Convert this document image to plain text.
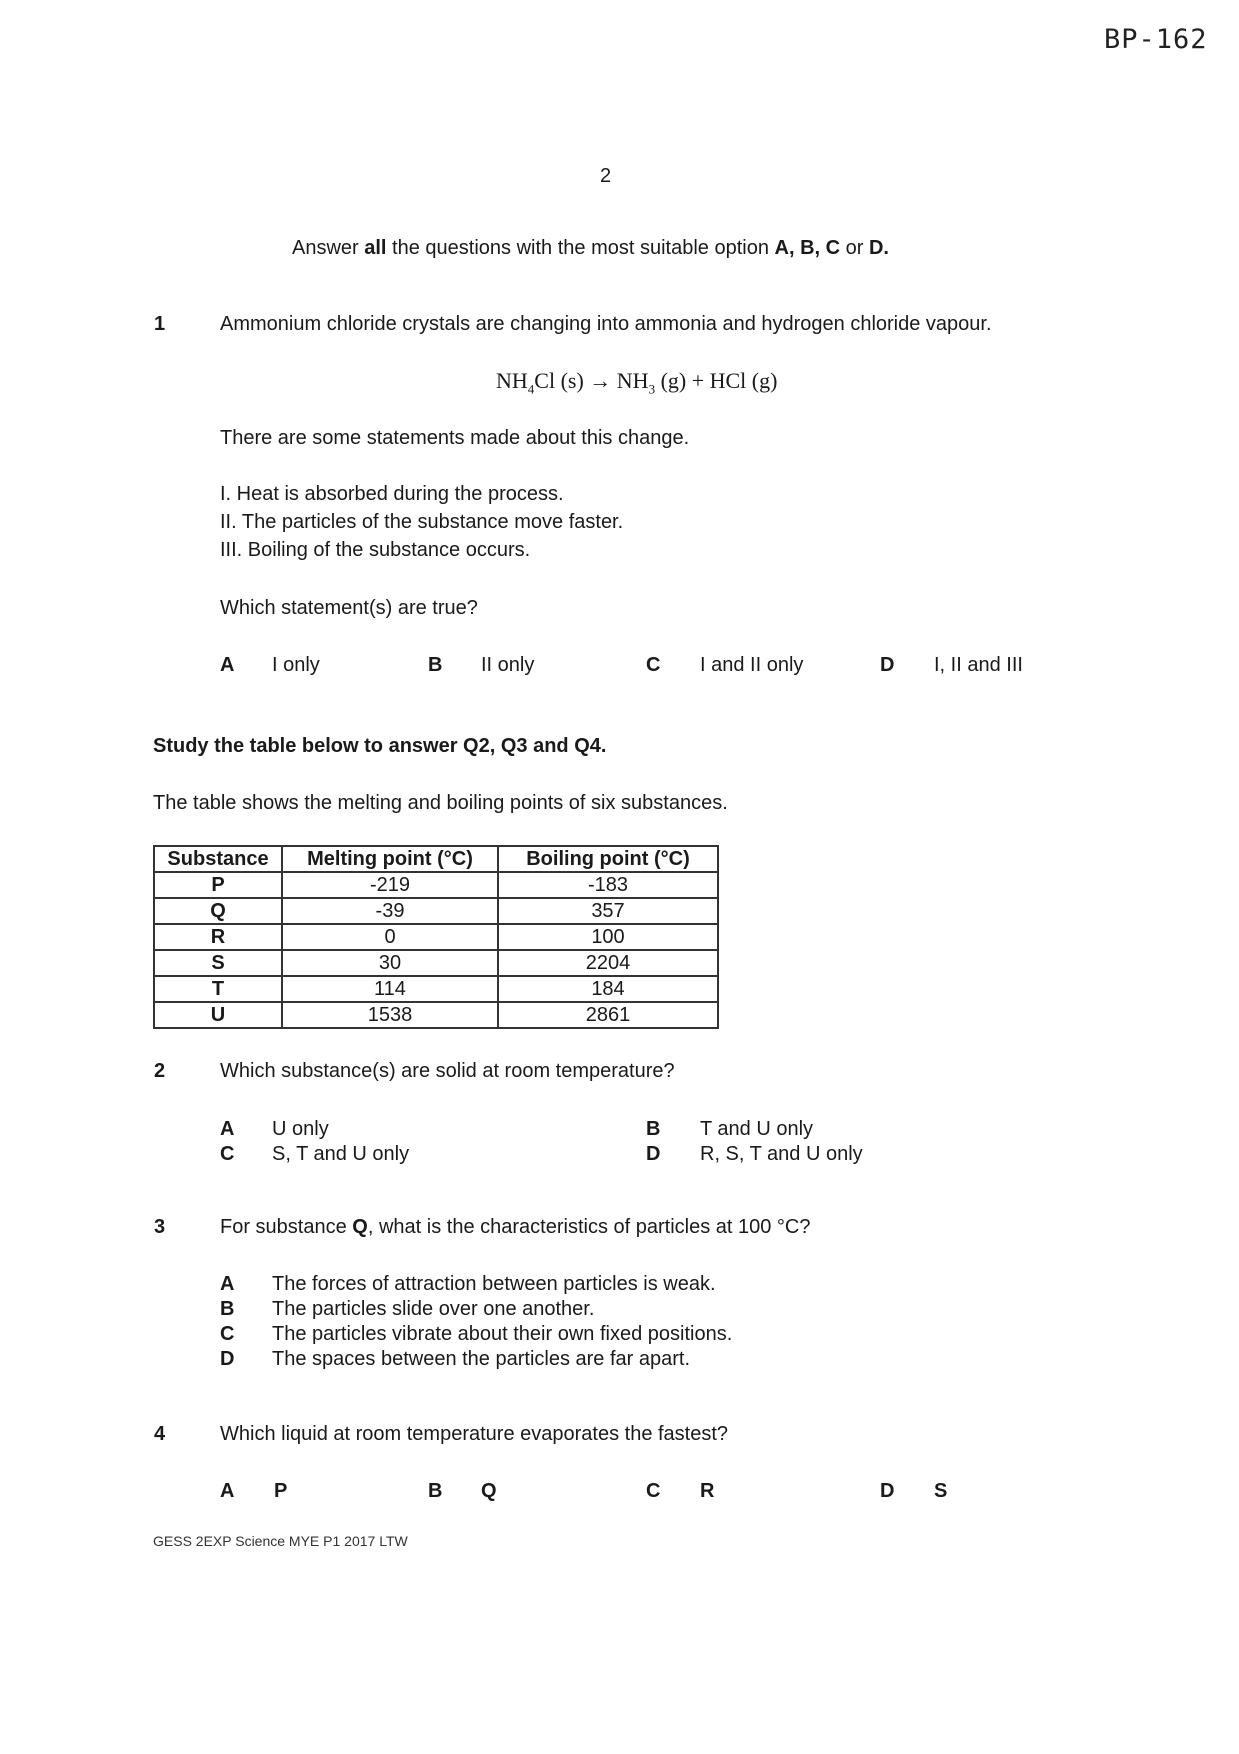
BP-162
2
Answer all the questions with the most suitable option A, B, C or D.
1	Ammonium chloride crystals are changing into ammonia and hydrogen chloride vapour.
$NH_4Cl$ $(s) \to NH_3$ (g) + HCl (g)
There are some statements made about this change.
I. Heat is absorbed during the process.
II. The particles of the substance move faster.
III. Boiling of the substance occurs.
Which statement(s) are true?
A I only	B II only	C I and II only	D I, II and III
Study the table below to answer Q2, Q3 and Q4.
The table shows the melting and boiling points of six substances.
Substance	Melting point (°C)	Boiling point (°C)
P	-219	-183
Q	-39	357
R	0	100
S	30	2204
T	114	184
U	1538	2861
2	Which substance(s) are solid at room temperature?
A U only	B T and U only
C S, T and U only	D R, S, T and U only
3	For substance Q, what is the characteristics of particles at 100 °C?
A The forces of attraction between particles is weak.
B The particles slide over one another.
C The particles vibrate about their own fixed positions.
D The spaces between the particles are far apart.
4	Which liquid at room temperature evaporates the fastest?
A P	B Q	C R	D S
GESS 2EXP Science MYE P1 2017 LTW
